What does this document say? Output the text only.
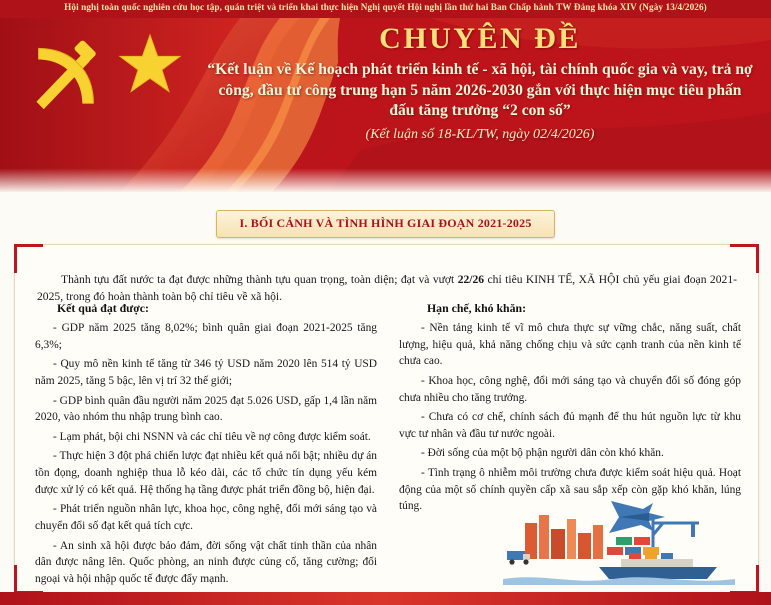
Hội nghị toàn quốc nghiên cứu học tập, quán triệt và triển khai thực hiện Nghị quyết Hội nghị lần thứ hai Ban Chấp hành TW Đảng khóa XIV (Ngày 13/4/2026)
CHUYÊN ĐỀ
“Kết luận về Kế hoạch phát triển kinh tế - xã hội, tài chính quốc gia và vay, trả nợ công, đầu tư công trung hạn 5 năm 2026-2030 gắn với thực hiện mục tiêu phấn đấu tăng trưởng “2 con số”
(Kết luận số 18-KL/TW, ngày 02/4/2026)
I. BỐI CẢNH VÀ TÌNH HÌNH GIAI ĐOẠN 2021-2025

Thành tựu đất nước ta đạt được những thành tựu quan trọng, toàn diện; đạt và vượt 22/26 chỉ tiêu KINH TẾ, XÃ HỘI chủ yếu giai đoạn 2021-2025, trong đó hoàn thành toàn bộ chỉ tiêu về xã hội.

Kết quả đạt được:
- GDP năm 2025 tăng 8,02%; bình quân giai đoạn 2021-2025 tăng 6,3%;
- Quy mô nền kinh tế tăng từ 346 tỷ USD năm 2020 lên 514 tỷ USD năm 2025, tăng 5 bậc, lên vị trí 32 thế giới;
- GDP bình quân đầu người năm 2025 đạt 5.026 USD, gấp 1,4 lần năm 2020, vào nhóm thu nhập trung bình cao.
- Lạm phát, bội chi NSNN và các chỉ tiêu về nợ công được kiểm soát.
- Thực hiện 3 đột phá chiến lược đạt nhiều kết quả nổi bật; nhiều dự án tồn đọng, doanh nghiệp thua lỗ kéo dài, các tổ chức tín dụng yếu kém được xử lý có kết quả. Hệ thống hạ tầng được phát triển đồng bộ, hiện đại.
- Phát triển nguồn nhân lực, khoa học, công nghệ, đổi mới sáng tạo và chuyển đổi số đạt kết quả tích cực.
- An sinh xã hội được bảo đảm, đời sống vật chất tinh thần của nhân dân được nâng lên. Quốc phòng, an ninh được củng cố, tăng cường; đối ngoại và hội nhập quốc tế được đẩy mạnh.
Hạn chế, khó khăn:
- Nền tảng kinh tế vĩ mô chưa thực sự vững chắc, năng suất, chất lượng, hiệu quả, khả năng chống chịu và sức cạnh tranh của nền kinh tế chưa cao.
- Khoa học, công nghệ, đổi mới sáng tạo và chuyển đổi số đóng góp chưa nhiều cho tăng trưởng.
- Chưa có cơ chế, chính sách đủ mạnh để thu hút nguồn lực từ khu vực tư nhân và đầu tư nước ngoài.
- Đời sống của một bộ phận người dân còn khó khăn.
- Tình trạng ô nhiễm môi trường chưa được kiểm soát hiệu quả. Hoạt động của một số chính quyền cấp xã sau sắp xếp còn gặp khó khăn, lúng túng.
